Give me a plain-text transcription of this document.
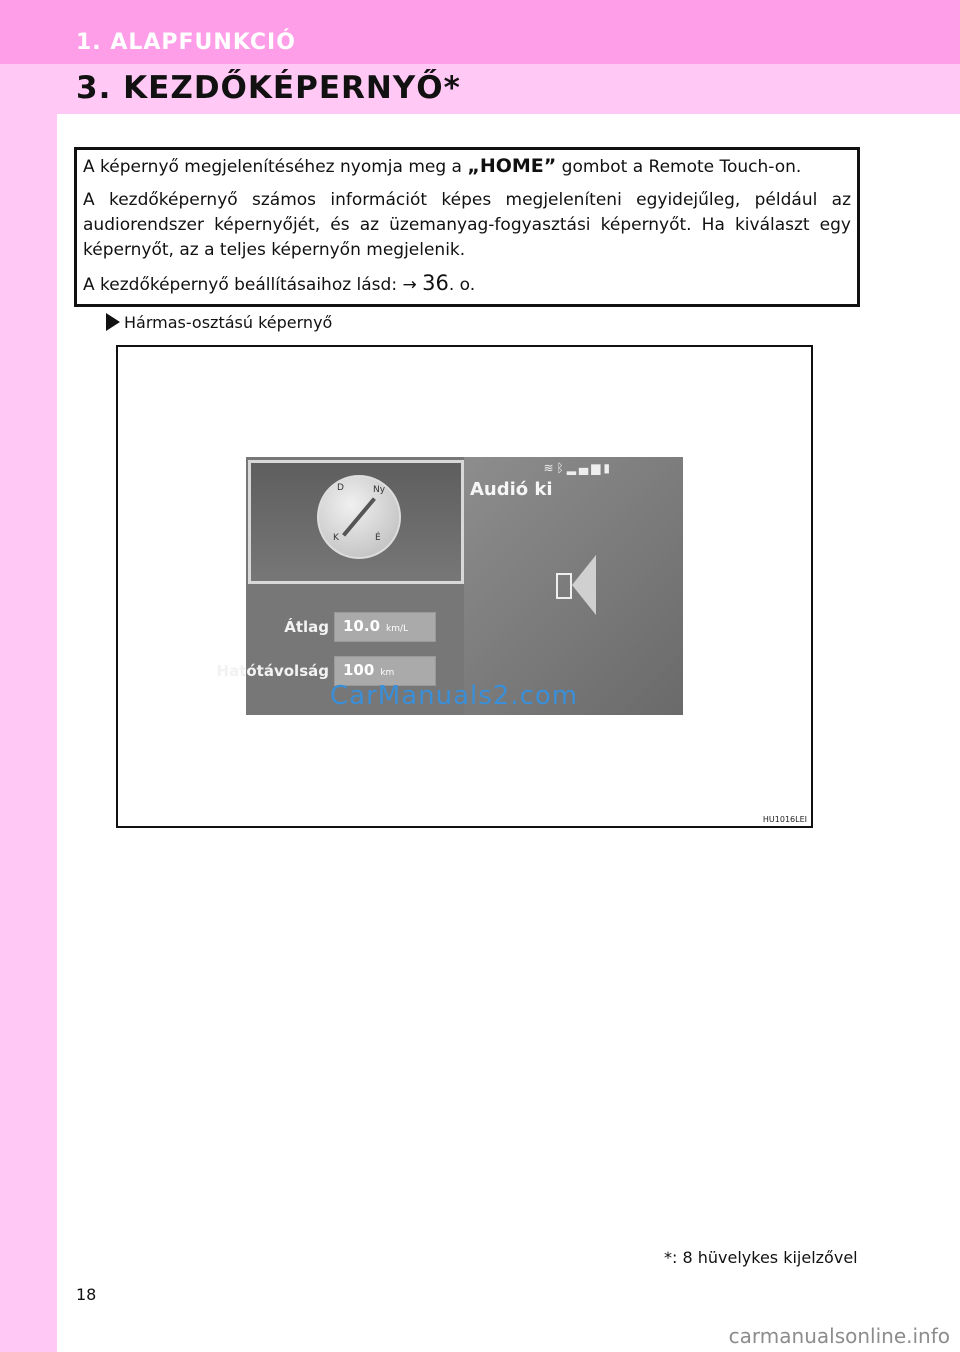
1. ALAPFUNKCIÓ
3. KEZDŐKÉPERNYŐ*

A képernyő megjelenítéséhez nyomja meg a „HOME” gombot a Remote Touch-on.

A kezdőképernyő számos információt képes megjeleníteni egyidejűleg, például az audiorendszer képernyőjét, és az üzemanyag-fogyasztási képernyőt. Ha kiválaszt egy képernyőt, az a teljes képernyőn megjelenik.

A kezdőképernyő beállításaihoz lásd: → 36. o.

Hármas-osztású képernyő
D	Ny
K	É
≋ᛒ▂▄▆▮
Audió ki
Átlag 10.0 km/L
Hatótávolság 100 km
CarManuals2.com
HU1016LEI
*: 8 hüvelykes kijelzővel
18
carmanualsonline.info
